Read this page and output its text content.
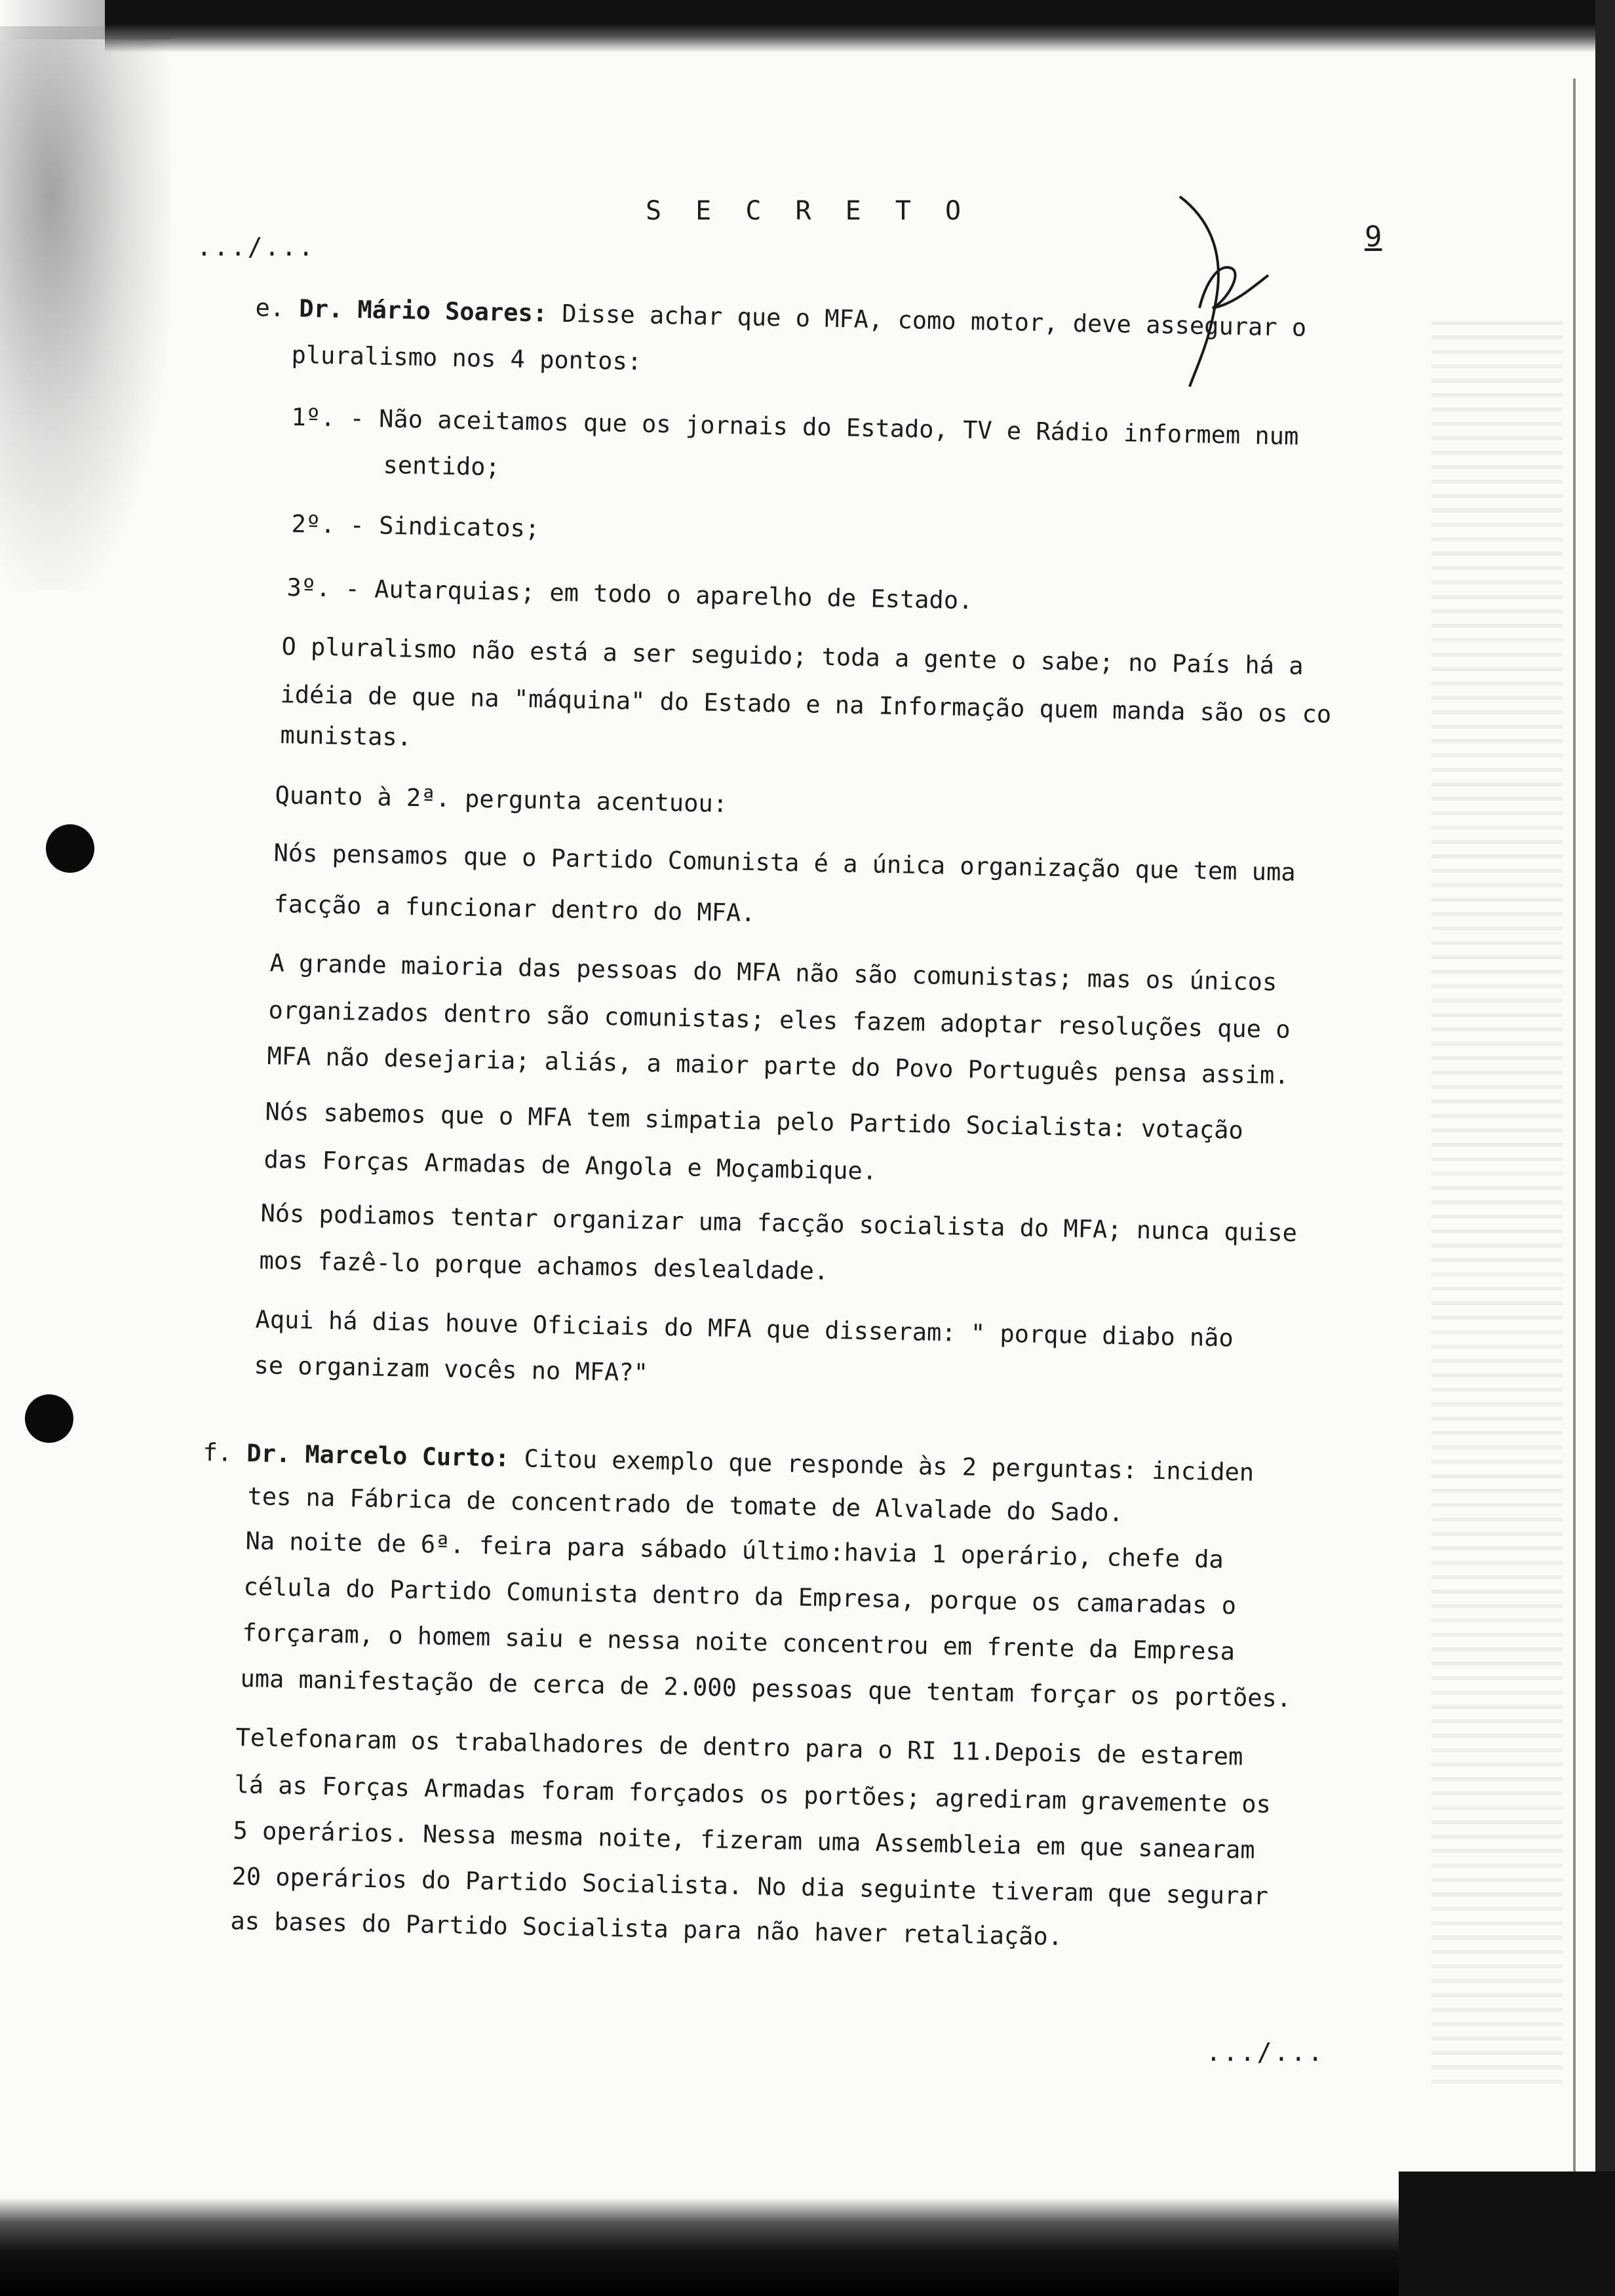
S E C R E T O
.../...	9
e. Dr. Mário Soares: Disse achar que o MFA, como motor, deve assegurar o
pluralismo nos 4 pontos:
1º. - Não aceitamos que os jornais do Estado, TV e Rádio informem num
sentido;
2º. - Sindicatos;
3º. - Autarquias; em todo o aparelho de Estado.
O pluralismo não está a ser seguido; toda a gente o sabe; no País há a
idéia de que na "máquina" do Estado e na Informação quem manda são os co
munistas.
Quanto à 2ª. pergunta acentuou:
Nós pensamos que o Partido Comunista é a única organização que tem uma
facção a funcionar dentro do MFA.
A grande maioria das pessoas do MFA não são comunistas; mas os únicos
organizados dentro são comunistas; eles fazem adoptar resoluções que o
MFA não desejaria; aliás, a maior parte do Povo Português pensa assim.
Nós sabemos que o MFA tem simpatia pelo Partido Socialista: votação
das Forças Armadas de Angola e Moçambique.
Nós podiamos tentar organizar uma facção socialista do MFA; nunca quise
mos fazê-lo porque achamos deslealdade.
Aqui há dias houve Oficiais do MFA que disseram: " porque diabo não
se organizam vocês no MFA?"
f. Dr. Marcelo Curto: Citou exemplo que responde às 2 perguntas: inciden
tes na Fábrica de concentrado de tomate de Alvalade do Sado.
Na noite de 6ª. feira para sábado último:havia 1 operário, chefe da
célula do Partido Comunista dentro da Empresa, porque os camaradas o
forçaram, o homem saiu e nessa noite concentrou em frente da Empresa
uma manifestação de cerca de 2.000 pessoas que tentam forçar os portões.
Telefonaram os trabalhadores de dentro para o RI 11.Depois de estarem
lá as Forças Armadas foram forçados os portões; agrediram gravemente os
5 operários. Nessa mesma noite, fizeram uma Assembleia em que sanearam
20 operários do Partido Socialista. No dia seguinte tiveram que segurar
as bases do Partido Socialista para não haver retaliação.
.../...
